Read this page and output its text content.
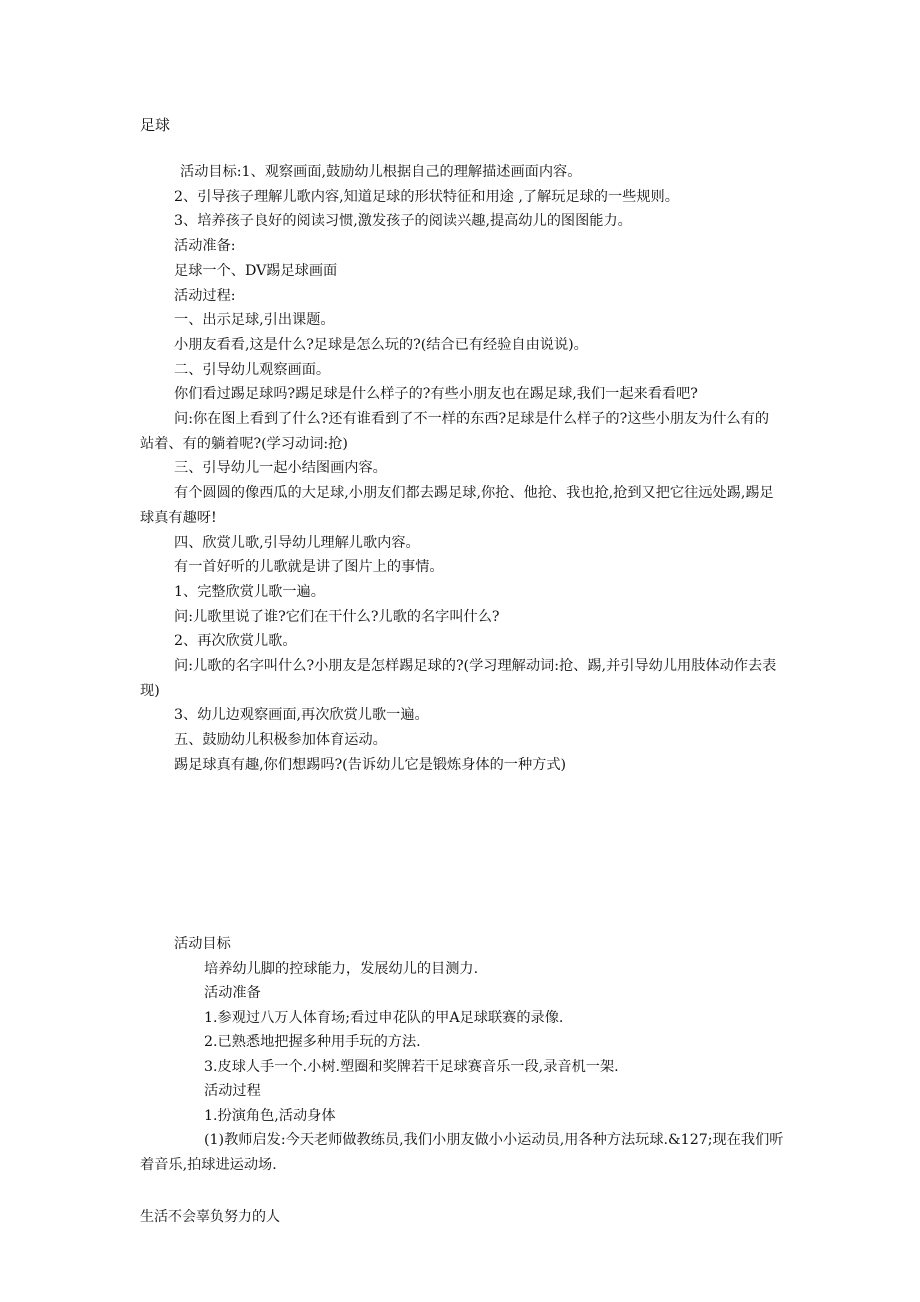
足球

活动目标:1、观察画面,鼓励幼儿根据自己的理解描述画面内容。

2、引导孩子理解儿歌内容,知道足球的形状特征和用途 ,了解玩足球的一些规则。

3、培养孩子良好的阅读习惯,激发孩子的阅读兴趣,提高幼儿的图图能力。

活动准备:

足球一个、DV踢足球画面

活动过程:

一、出示足球,引出课题。

小朋友看看,这是什么?足球是怎么玩的?(结合已有经验自由说说)。

二、引导幼儿观察画面。

你们看过踢足球吗?踢足球是什么样子的?有些小朋友也在踢足球,我们一起来看看吧?

问:你在图上看到了什么?还有谁看到了不一样的东西?足球是什么样子的?这些小朋友为什么有的站着、有的躺着呢?(学习动词:抢)

三、引导幼儿一起小结图画内容。

有个圆圆的像西瓜的大足球,小朋友们都去踢足球,你抢、他抢、我也抢,抢到又把它往远处踢,踢足球真有趣呀!

四、欣赏儿歌,引导幼儿理解儿歌内容。

有一首好听的儿歌就是讲了图片上的事情。

1、完整欣赏儿歌一遍。

问:儿歌里说了谁?它们在干什么?儿歌的名字叫什么?

2、再次欣赏儿歌。

问:儿歌的名字叫什么?小朋友是怎样踢足球的?(学习理解动词:抢、踢,并引导幼儿用肢体动作去表现)

3、幼儿边观察画面,再次欣赏儿歌一遍。

五、鼓励幼儿积极参加体育运动。

踢足球真有趣,你们想踢吗?(告诉幼儿它是锻炼身体的一种方式)

活动目标

培养幼儿脚的控球能力，发展幼儿的目测力.

活动准备

1.参观过八万人体育场;看过申花队的甲A足球联赛的录像.

2.已熟悉地把握多种用手玩的方法.

3.皮球人手一个.小树.塑圈和奖牌若干足球赛音乐一段,录音机一架.

活动过程

1.扮演角色,活动身体

(1)教师启发:今天老师做教练员,我们小朋友做小小运动员,用各种方法玩球.&127;现在我们听着音乐,拍球进运动场.

生活不会辜负努力的人
